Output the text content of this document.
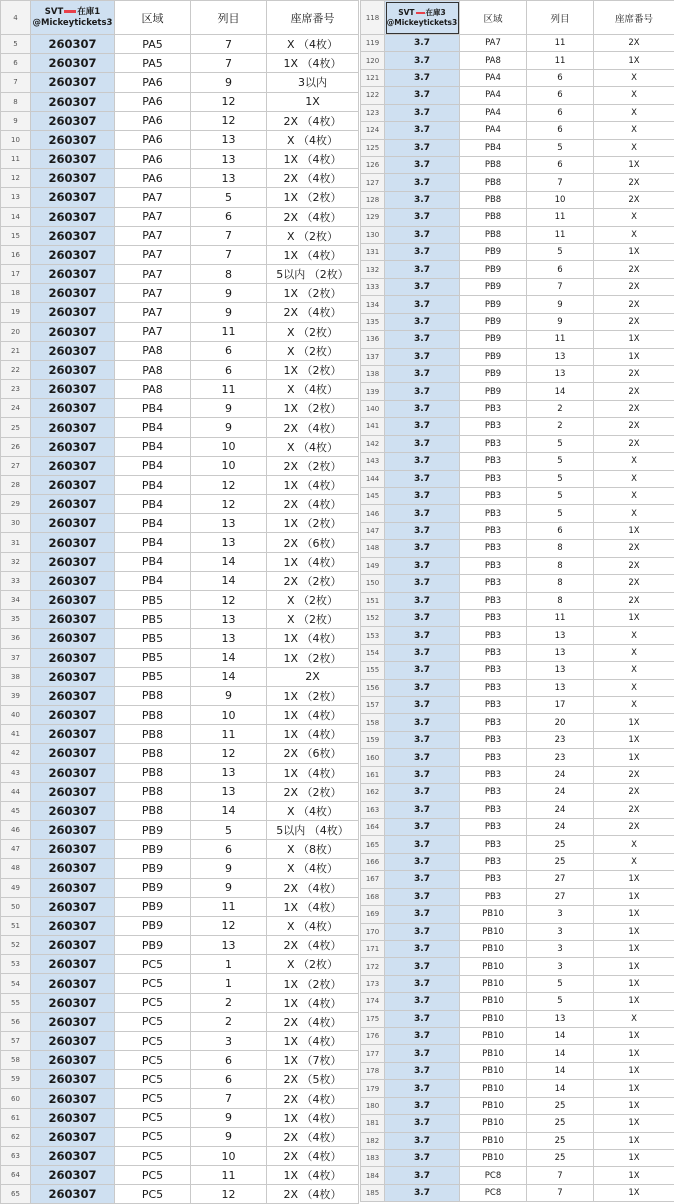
4	SVT 在庫1
@Mickeytickets3	区域	列目	座席番号
5	260307	PA5	7	X （4枚）
6	260307	PA5	7	1X （4枚）
7	260307	PA6	9	3以内
8	260307	PA6	12	1X
9	260307	PA6	12	2X （4枚）
10	260307	PA6	13	X （4枚）
11	260307	PA6	13	1X （4枚）
12	260307	PA6	13	2X （4枚）
13	260307	PA7	5	1X （2枚）
14	260307	PA7	6	2X （4枚）
15	260307	PA7	7	X （2枚）
16	260307	PA7	7	1X （4枚）
17	260307	PA7	8	5以内 （2枚）
18	260307	PA7	9	1X （2枚）
19	260307	PA7	9	2X （4枚）
20	260307	PA7	11	X （2枚）
21	260307	PA8	6	X （2枚）
22	260307	PA8	6	1X （2枚）
23	260307	PA8	11	X （4枚）
24	260307	PB4	9	1X （2枚）
25	260307	PB4	9	2X （4枚）
26	260307	PB4	10	X （4枚）
27	260307	PB4	10	2X （2枚）
28	260307	PB4	12	1X （4枚）
29	260307	PB4	12	2X （4枚）
30	260307	PB4	13	1X （2枚）
31	260307	PB4	13	2X （6枚）
32	260307	PB4	14	1X （4枚）
33	260307	PB4	14	2X （2枚）
34	260307	PB5	12	X （2枚）
35	260307	PB5	13	X （2枚）
36	260307	PB5	13	1X （4枚）
37	260307	PB5	14	1X （2枚）
38	260307	PB5	14	2X
39	260307	PB8	9	1X （2枚）
40	260307	PB8	10	1X （4枚）
41	260307	PB8	11	1X （4枚）
42	260307	PB8	12	2X （6枚）
43	260307	PB8	13	1X （4枚）
44	260307	PB8	13	2X （2枚）
45	260307	PB8	14	X （4枚）
46	260307	PB9	5	5以内 （4枚）
47	260307	PB9	6	X （8枚）
48	260307	PB9	9	X （4枚）
49	260307	PB9	9	2X （4枚）
50	260307	PB9	11	1X （4枚）
51	260307	PB9	12	X （4枚）
52	260307	PB9	13	2X （4枚）
53	260307	PC5	1	X （2枚）
54	260307	PC5	1	1X （2枚）
55	260307	PC5	2	1X （4枚）
56	260307	PC5	2	2X （4枚）
57	260307	PC5	3	1X （4枚）
58	260307	PC5	6	1X （7枚）
59	260307	PC5	6	2X （5枚）
60	260307	PC5	7	2X （4枚）
61	260307	PC5	9	1X （4枚）
62	260307	PC5	9	2X （4枚）
63	260307	PC5	10	2X （4枚）
64	260307	PC5	11	1X （4枚）
65	260307	PC5	12	2X （4枚）
118	SVT 在庫3
@Mickeytickets3	区域	列目	座席番号
119	3.7	PA7	11	2X
120	3.7	PA8	11	1X
121	3.7	PA4	6	X
122	3.7	PA4	6	X
123	3.7	PA4	6	X
124	3.7	PA4	6	X
125	3.7	PB4	5	X
126	3.7	PB8	6	1X
127	3.7	PB8	7	2X
128	3.7	PB8	10	2X
129	3.7	PB8	11	X
130	3.7	PB8	11	X
131	3.7	PB9	5	1X
132	3.7	PB9	6	2X
133	3.7	PB9	7	2X
134	3.7	PB9	9	2X
135	3.7	PB9	9	2X
136	3.7	PB9	11	1X
137	3.7	PB9	13	1X
138	3.7	PB9	13	2X
139	3.7	PB9	14	2X
140	3.7	PB3	2	2X
141	3.7	PB3	2	2X
142	3.7	PB3	5	2X
143	3.7	PB3	5	X
144	3.7	PB3	5	X
145	3.7	PB3	5	X
146	3.7	PB3	5	X
147	3.7	PB3	6	1X
148	3.7	PB3	8	2X
149	3.7	PB3	8	2X
150	3.7	PB3	8	2X
151	3.7	PB3	8	2X
152	3.7	PB3	11	1X
153	3.7	PB3	13	X
154	3.7	PB3	13	X
155	3.7	PB3	13	X
156	3.7	PB3	13	X
157	3.7	PB3	17	X
158	3.7	PB3	20	1X
159	3.7	PB3	23	1X
160	3.7	PB3	23	1X
161	3.7	PB3	24	2X
162	3.7	PB3	24	2X
163	3.7	PB3	24	2X
164	3.7	PB3	24	2X
165	3.7	PB3	25	X
166	3.7	PB3	25	X
167	3.7	PB3	27	1X
168	3.7	PB3	27	1X
169	3.7	PB10	3	1X
170	3.7	PB10	3	1X
171	3.7	PB10	3	1X
172	3.7	PB10	3	1X
173	3.7	PB10	5	1X
174	3.7	PB10	5	1X
175	3.7	PB10	13	X
176	3.7	PB10	14	1X
177	3.7	PB10	14	1X
178	3.7	PB10	14	1X
179	3.7	PB10	14	1X
180	3.7	PB10	25	1X
181	3.7	PB10	25	1X
182	3.7	PB10	25	1X
183	3.7	PB10	25	1X
184	3.7	PC8	7	1X
185	3.7	PC8	7	1X
